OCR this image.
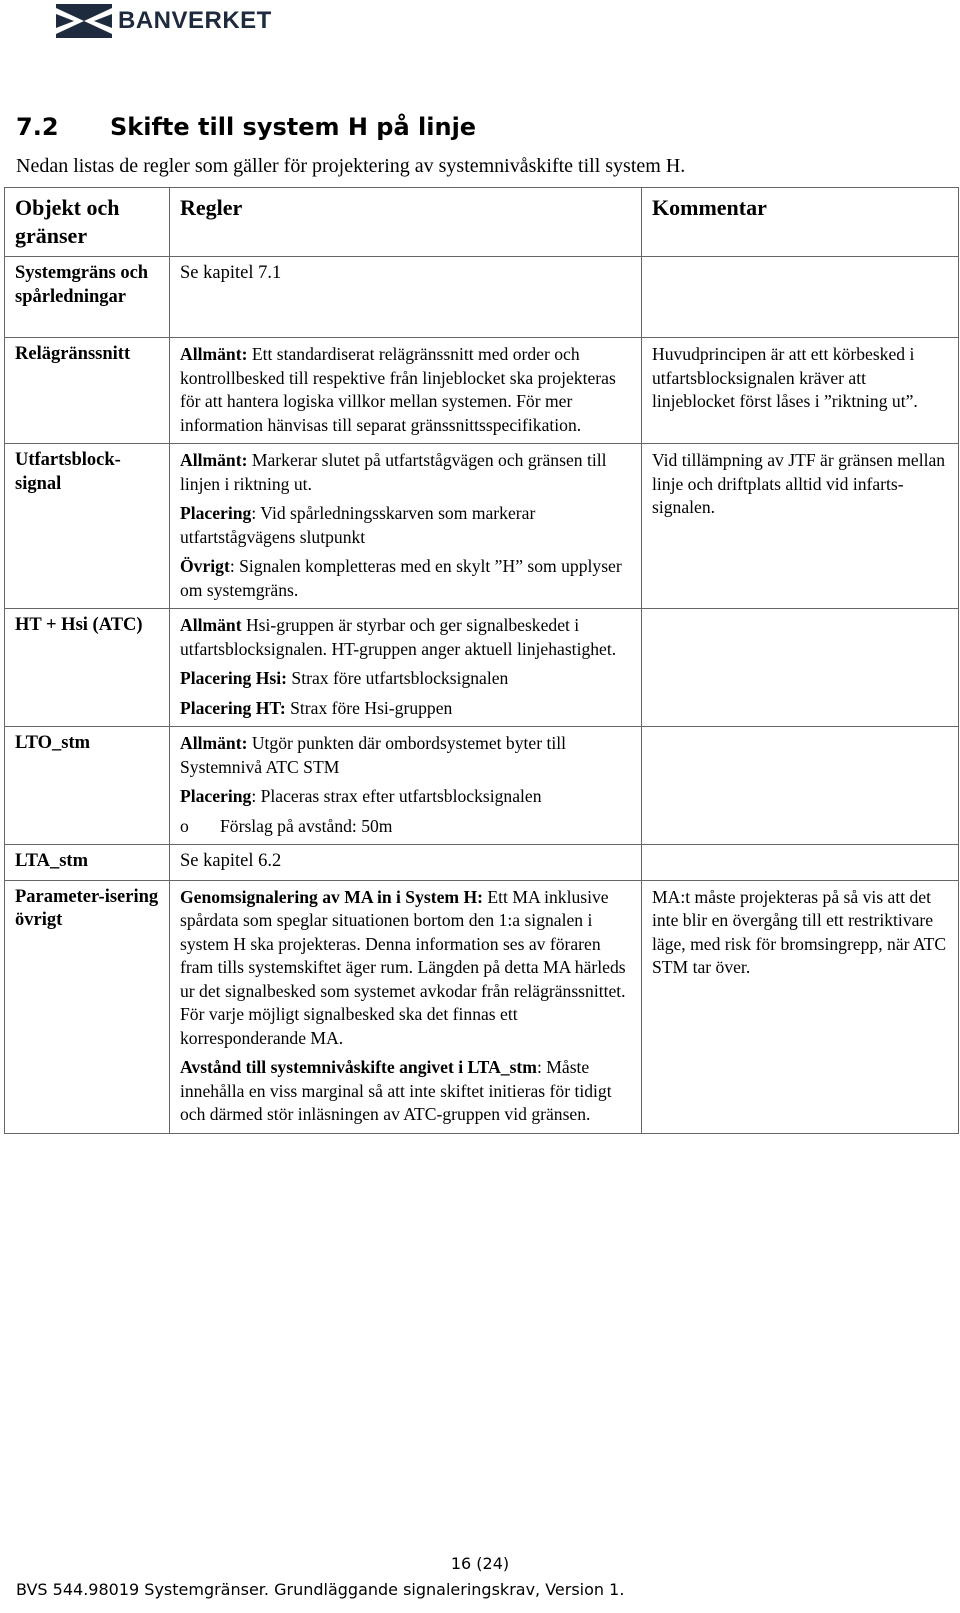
BANVERKET
7.2 Skifte till system H på linje

Nedan listas de regler som gäller för projektering av systemnivåskifte till system H.

Objekt och gränser	Regler	Kommentar
Systemgräns och spårledningar	Se kapitel 7.1	

Relägränssnitt	Allmänt: Ett standardiserat relägränssnitt med order och kontrollbesked till respektive från linjeblocket ska projekteras för att hantera logiska villkor mellan systemen. För mer information hänvisas till separat gränssnittsspecifikation.	Huvudprincipen är att ett körbesked i utfartsblocksignalen kräver att linjeblocket först låses i ”riktning ut”.
Utfartsblock-signal	Allmänt: Markerar slutet på utfartstågvägen och gränsen till linjen i riktning ut.

Placering: Vid spårledningsskarven som markerar utfartstågvägens slutpunkt

Övrigt: Signalen kompletteras med en skylt ”H” som upplyser om systemgräns.	Vid tillämpning av JTF är gränsen mellan linje och driftplats alltid vid infarts-signalen.
HT + Hsi (ATC)	Allmänt Hsi-gruppen är styrbar och ger signalbeskedet i utfartsblocksignalen. HT-gruppen anger aktuell linjehastighet.

Placering Hsi: Strax före utfartsblocksignalen

Placering HT: Strax före Hsi-gruppen	

LTO_stm	Allmänt: Utgör punkten där ombordsystemet byter till Systemnivå ATC STM

Placering: Placeras strax efter utfartsblocksignalen

o Förslag på avstånd: 50m	

LTA_stm	Se kapitel 6.2	

Parameter-isering övrigt	Genomsignalering av MA in i System H: Ett MA inklusive spårdata som speglar situationen bortom den 1:a signalen i system H ska projekteras. Denna information ses av föraren fram tills systemskiftet äger rum. Längden på detta MA härleds ur det signalbesked som systemet avkodar från relägränssnittet. För varje möjligt signalbesked ska det finnas ett korresponderande MA.

Avstånd till systemnivåskifte angivet i LTA_stm: Måste innehålla en viss marginal så att inte skiftet initieras för tidigt och därmed stör inläsningen av ATC-gruppen vid gränsen.	MA:t måste projekteras på så vis att det inte blir en övergång till ett restriktivare läge, med risk för bromsingrepp, när ATC STM tar över.
16 (24)
BVS 544.98019 Systemgränser. Grundläggande signaleringskrav, Version 1.
